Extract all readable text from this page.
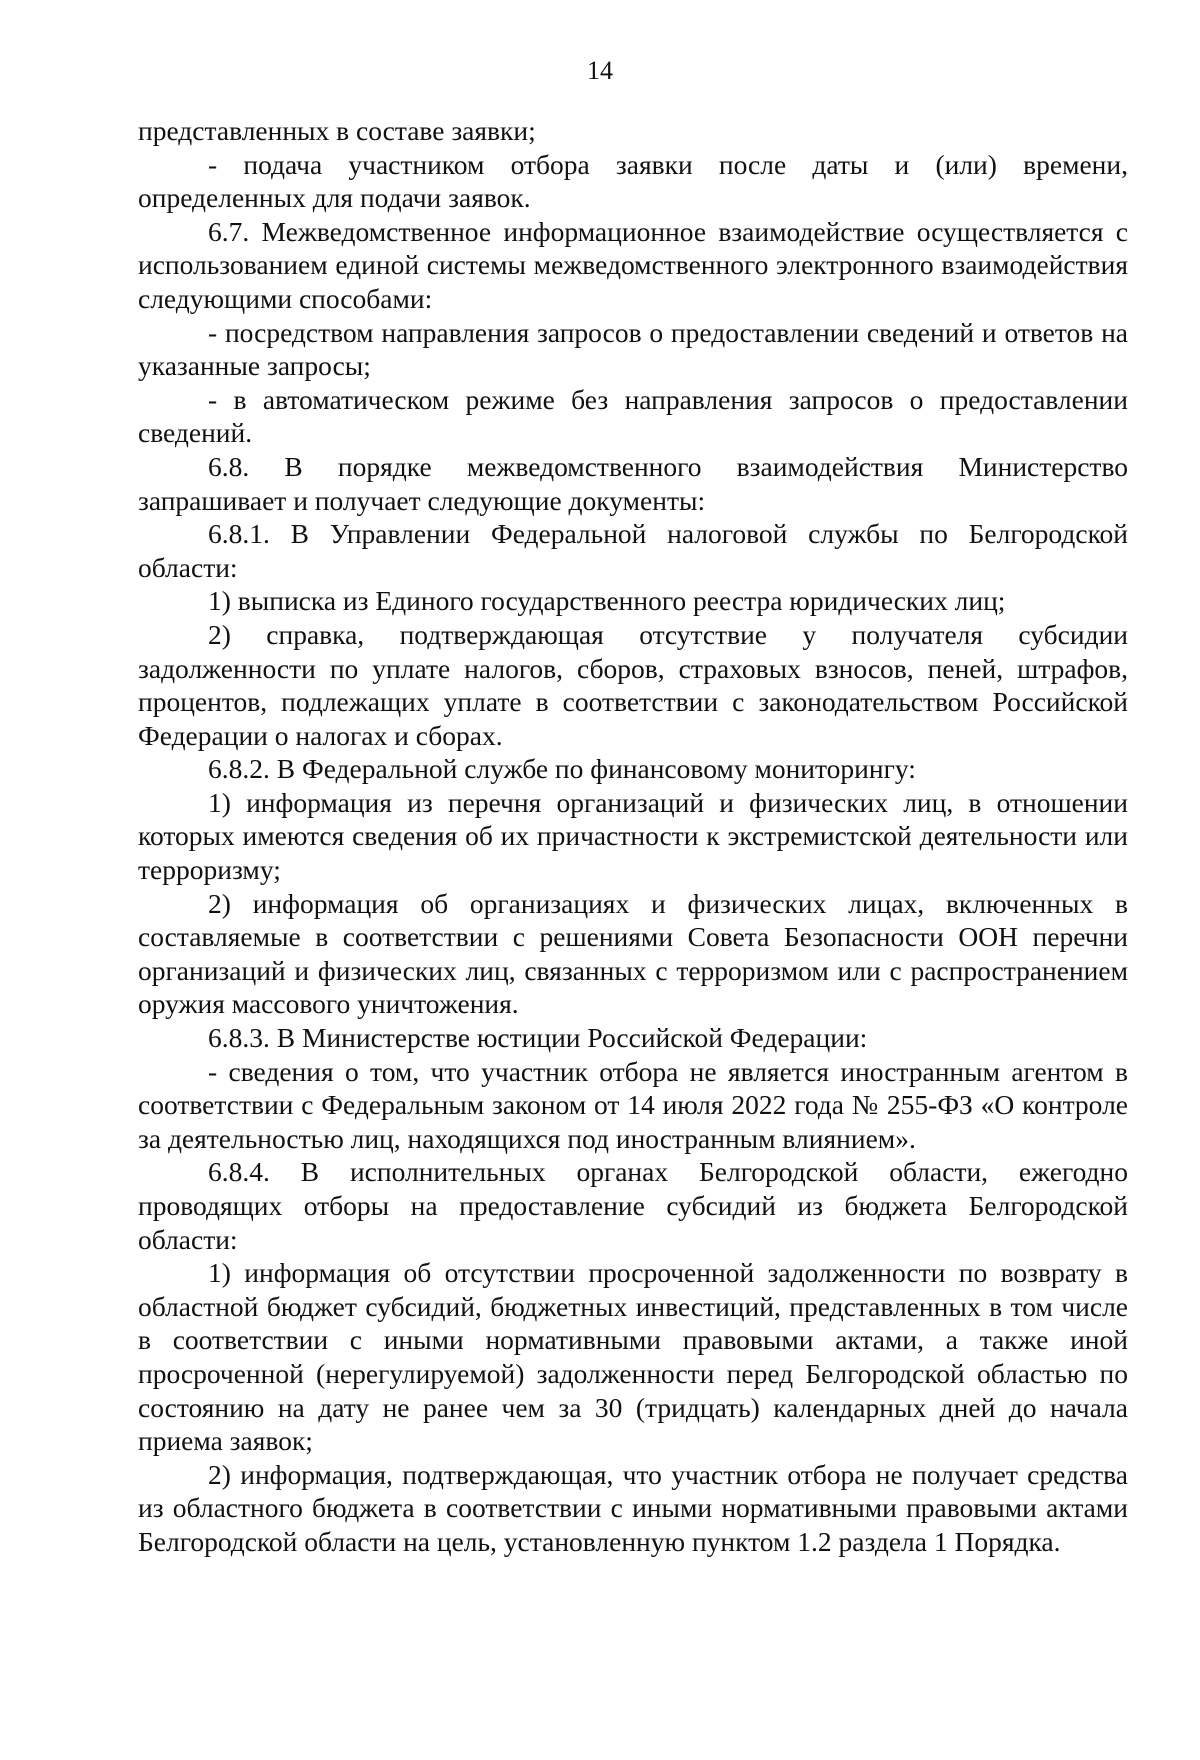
14

представленных в составе заявки;

- подача участником отбора заявки после даты и (или) времени, определенных для подачи заявок.

6.7. Межведомственное информационное взаимодействие осуществляется с использованием единой системы межведомственного электронного взаимодействия следующими способами:

- посредством направления запросов о предоставлении сведений и ответов на указанные запросы;

- в автоматическом режиме без направления запросов о предоставлении сведений.

6.8. В порядке межведомственного взаимодействия Министерство запрашивает и получает следующие документы:

6.8.1. В Управлении Федеральной налоговой службы по Белгородской области:

1) выписка из Единого государственного реестра юридических лиц;

2) справка, подтверждающая отсутствие у получателя субсидии задолженности по уплате налогов, сборов, страховых взносов, пеней, штрафов, процентов, подлежащих уплате в соответствии с законодательством Российской Федерации о налогах и сборах.

6.8.2. В Федеральной службе по финансовому мониторингу:

1) информация из перечня организаций и физических лиц, в отношении которых имеются сведения об их причастности к экстремистской деятельности или терроризму;

2) информация об организациях и физических лицах, включенных в составляемые в соответствии с решениями Совета Безопасности ООН перечни организаций и физических лиц, связанных с терроризмом или с распространением оружия массового уничтожения.

6.8.3. В Министерстве юстиции Российской Федерации:

- сведения о том, что участник отбора не является иностранным агентом в соответствии с Федеральным законом от 14 июля 2022 года № 255-ФЗ «О контроле за деятельностью лиц, находящихся под иностранным влиянием».

6.8.4. В исполнительных органах Белгородской области, ежегодно проводящих отборы на предоставление субсидий из бюджета Белгородской области:

1) информация об отсутствии просроченной задолженности по возврату в областной бюджет субсидий, бюджетных инвестиций, представленных в том числе в соответствии с иными нормативными правовыми актами, а также иной просроченной (нерегулируемой) задолженности перед Белгородской областью по состоянию на дату не ранее чем за 30 (тридцать) календарных дней до начала приема заявок;

2) информация, подтверждающая, что участник отбора не получает средства из областного бюджета в соответствии с иными нормативными правовыми актами Белгородской области на цель, установленную пунктом 1.2 раздела 1 Порядка.
